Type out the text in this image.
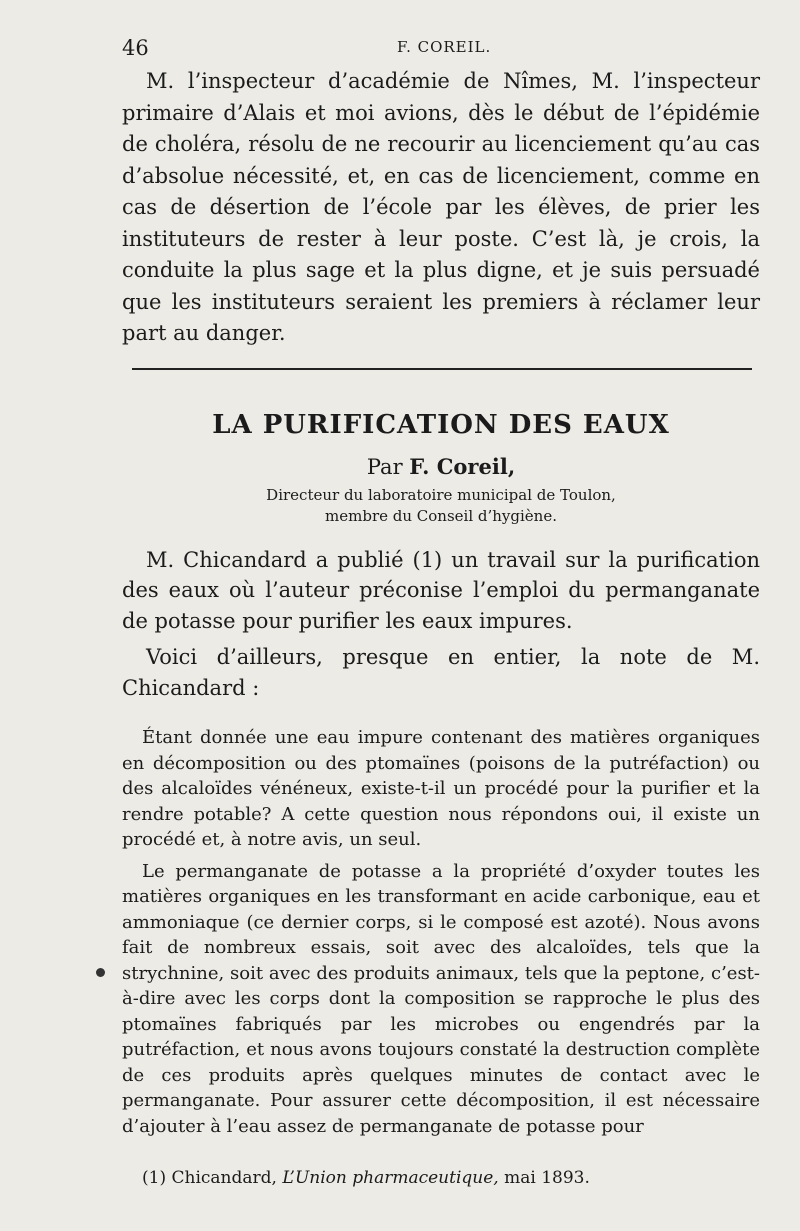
46	F. COREIL.

M. l’inspecteur d’académie de Nîmes, M. l’inspecteur primaire d’Alais et moi avions, dès le début de l’épidémie de choléra, résolu de ne recourir au licenciement qu’au cas d’absolue nécessité, et, en cas de licenciement, comme en cas de désertion de l’école par les élèves, de prier les instituteurs de rester à leur poste. C’est là, je crois, la conduite la plus sage et la plus digne, et je suis persuadé que les instituteurs seraient les premiers à réclamer leur part au danger.

LA PURIFICATION DES EAUX

Par F. Coreil,

Directeur du laboratoire municipal de Toulon,
membre du Conseil d’hygiène.

M. Chicandard a publié (1) un travail sur la purification des eaux où l’auteur préconise l’emploi du permanganate de potasse pour purifier les eaux impures.

Voici d’ailleurs, presque en entier, la note de M. Chicandard :

Étant donnée une eau impure contenant des matières organiques en décomposition ou des ptomaïnes (poisons de la putréfaction) ou des alcaloïdes vénéneux, existe-t-il un procédé pour la purifier et la rendre potable? A cette question nous répondons oui, il existe un procédé et, à notre avis, un seul.

Le permanganate de potasse a la propriété d’oxyder toutes les matières organiques en les transformant en acide carbonique, eau et ammoniaque (ce dernier corps, si le composé est azoté). Nous avons fait de nombreux essais, soit avec des alcaloïdes, tels que la strychnine, soit avec des produits animaux, tels que la peptone, c’est-à-dire avec les corps dont la composition se rapproche le plus des ptomaïnes fabriqués par les microbes ou engendrés par la putréfaction, et nous avons toujours constaté la destruction complète de ces produits après quelques minutes de contact avec le permanganate. Pour assurer cette décomposition, il est nécessaire d’ajouter à l’eau assez de permanganate de potasse pour

(1) Chicandard, L’Union pharmaceutique, mai 1893.
